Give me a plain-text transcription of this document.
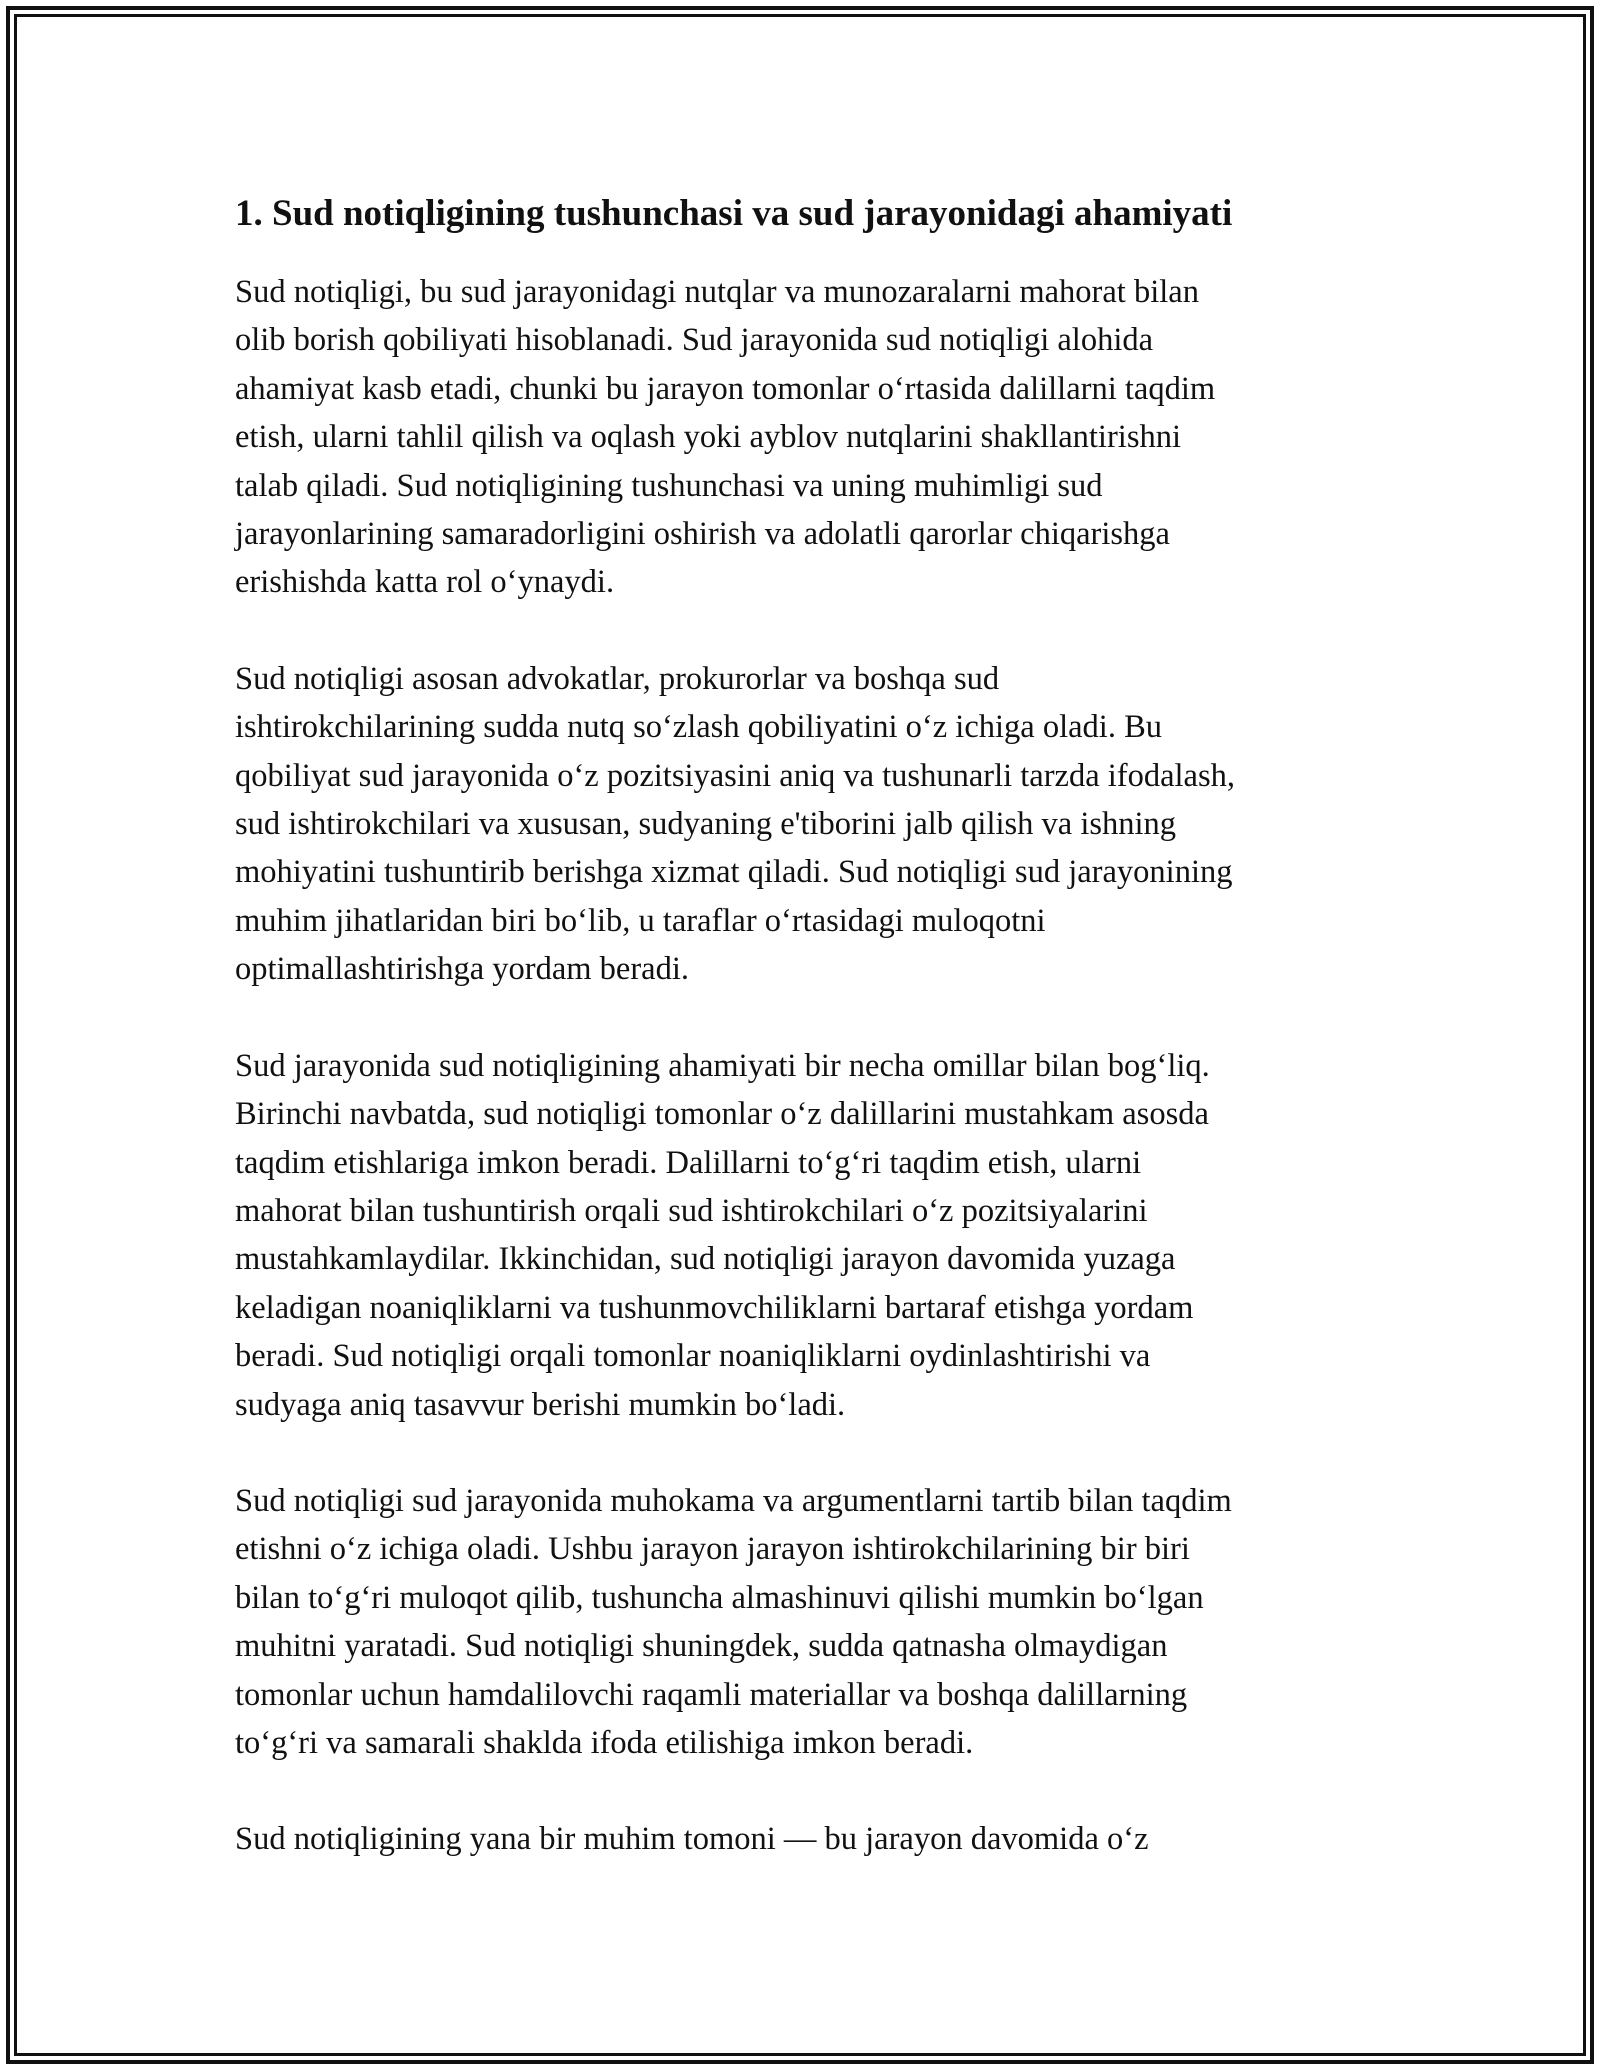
1. Sud notiqligining tushunchasi va sud jarayonidagi ahamiyati

Sud notiqligi, bu sud jarayonidagi nutqlar va munozaralarni mahorat bilan
olib borish qobiliyati hisoblanadi. Sud jarayonida sud notiqligi alohida
ahamiyat kasb etadi, chunki bu jarayon tomonlar o‘rtasida dalillarni taqdim
etish, ularni tahlil qilish va oqlash yoki ayblov nutqlarini shakllantirishni
talab qiladi. Sud notiqligining tushunchasi va uning muhimligi sud
jarayonlarining samaradorligini oshirish va adolatli qarorlar chiqarishga
erishishda katta rol o‘ynaydi.

Sud notiqligi asosan advokatlar, prokurorlar va boshqa sud
ishtirokchilarining sudda nutq so‘zlash qobiliyatini o‘z ichiga oladi. Bu
qobiliyat sud jarayonida o‘z pozitsiyasini aniq va tushunarli tarzda ifodalash,
sud ishtirokchilari va xususan, sudyaning e'tiborini jalb qilish va ishning
mohiyatini tushuntirib berishga xizmat qiladi. Sud notiqligi sud jarayonining
muhim jihatlaridan biri bo‘lib, u taraflar o‘rtasidagi muloqotni
optimallashtirishga yordam beradi.

Sud jarayonida sud notiqligining ahamiyati bir necha omillar bilan bog‘liq.
Birinchi navbatda, sud notiqligi tomonlar o‘z dalillarini mustahkam asosda
taqdim etishlariga imkon beradi. Dalillarni to‘g‘ri taqdim etish, ularni
mahorat bilan tushuntirish orqali sud ishtirokchilari o‘z pozitsiyalarini
mustahkamlaydilar. Ikkinchidan, sud notiqligi jarayon davomida yuzaga
keladigan noaniqliklarni va tushunmovchiliklarni bartaraf etishga yordam
beradi. Sud notiqligi orqali tomonlar noaniqliklarni oydinlashtirishi va
sudyaga aniq tasavvur berishi mumkin bo‘ladi.

Sud notiqligi sud jarayonida muhokama va argumentlarni tartib bilan taqdim
etishni o‘z ichiga oladi. Ushbu jarayon jarayon ishtirokchilarining bir biri
bilan to‘g‘ri muloqot qilib, tushuncha almashinuvi qilishi mumkin bo‘lgan
muhitni yaratadi. Sud notiqligi shuningdek, sudda qatnasha olmaydigan
tomonlar uchun hamdalilovchi raqamli materiallar va boshqa dalillarning
to‘g‘ri va samarali shaklda ifoda etilishiga imkon beradi.

Sud notiqligining yana bir muhim tomoni — bu jarayon davomida o‘z
